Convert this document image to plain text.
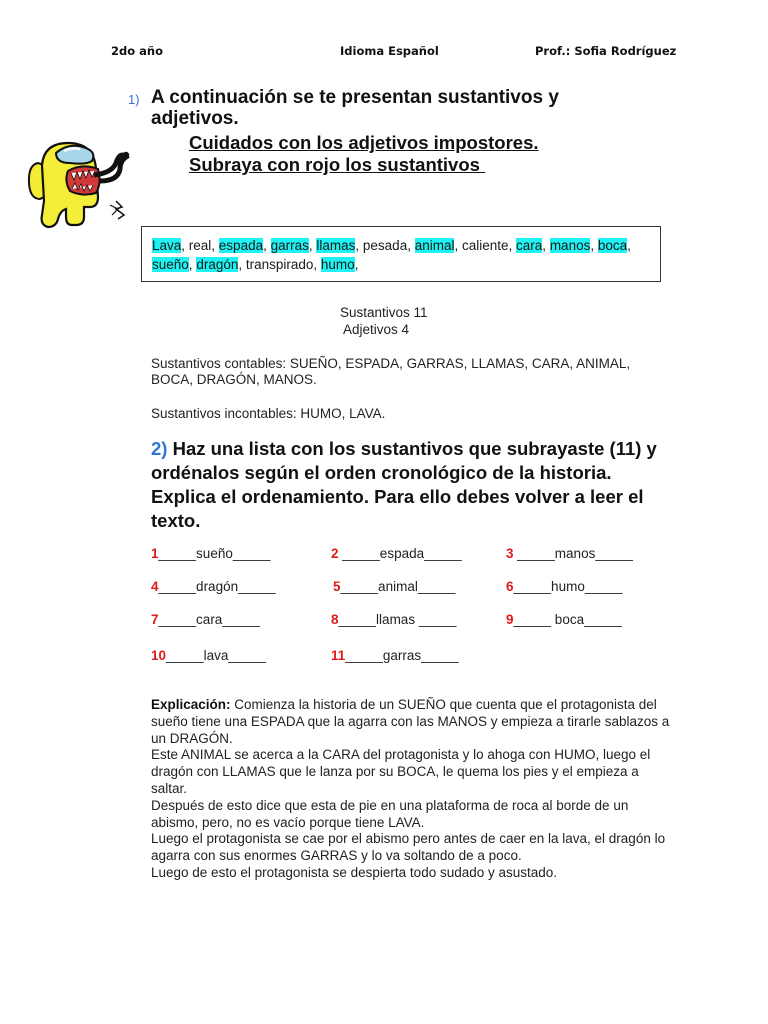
2do año	Idioma Español	Prof.: Sofia Rodríguez
1) A continuación se te presentan sustantivos y adjetivos.
Cuidados con los adjetivos impostores.
Subraya con rojo los sustantivos
Lava, real, espada, garras, llamas, pesada, animal, caliente, cara, manos, boca, sueño, dragón, transpirado, humo,
Sustantivos 11
Adjetivos 4
Sustantivos contables: SUEÑO, ESPADA, GARRAS, LLAMAS, CARA, ANIMAL, BOCA, DRAGÓN, MANOS.
Sustantivos incontables: HUMO, LAVA.
2) Haz una lista con los sustantivos que subrayaste (11) y ordénalos según el orden cronológico de la historia. Explica el ordenamiento. Para ello debes volver a leer el texto.
1_____sueño_____	2 _____espada_____	3 _____manos_____
4_____dragón_____	5_____animal_____	6_____humo_____
7_____cara_____	8_____llamas _____	9_____ boca_____
10_____lava_____	11_____garras_____

Explicación: Comienza la historia de un SUEÑO que cuenta que el protagonista del sueño tiene una ESPADA que la agarra con las MANOS y empieza a tirarle sablazos a un DRAGÓN.

Este ANIMAL se acerca a la CARA del protagonista y lo ahoga con HUMO, luego el dragón con LLAMAS que le lanza por su BOCA, le quema los pies y el empieza a saltar.

Después de esto dice que esta de pie en una plataforma de roca al borde de un abismo, pero, no es vacío porque tiene LAVA.

Luego el protagonista se cae por el abismo pero antes de caer en la lava, el dragón lo agarra con sus enormes GARRAS y lo va soltando de a poco.

Luego de esto el protagonista se despierta todo sudado y asustado.
